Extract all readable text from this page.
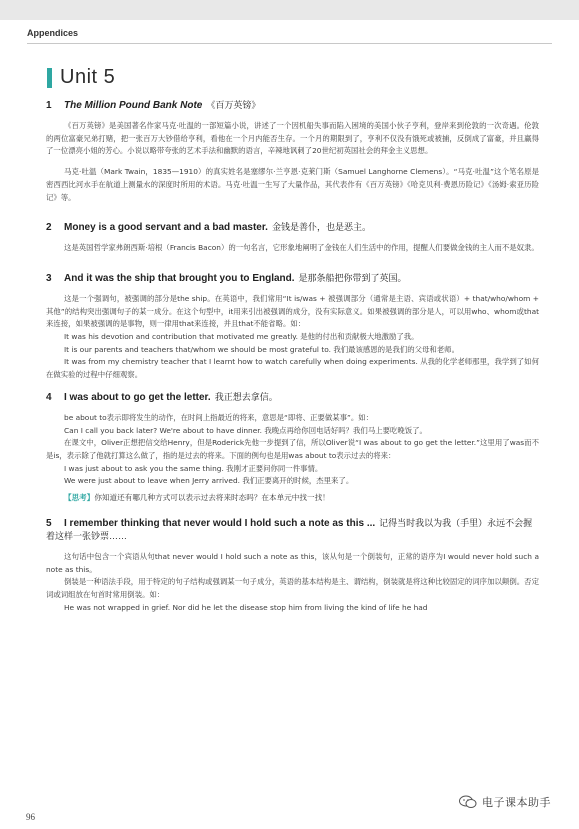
Appendices
Unit 5
1 The Million Pound Bank Note 《百万英镑》

《百万英镑》是美国著名作家马克·吐温的一部短篇小说，讲述了一个因机船失事而陷入困境的美国小伙子亨利，登岸来到伦敦的一次奇遇。伦敦的两位富豪兄弟打赌，把一张百万大钞借给亨利，看他在一个月内能否生存。一个月的期限到了，亨利不仅没有饿死或被捕，反倒成了富豪，并且赢得了一位漂亮小姐的芳心。小说以略带夸张的艺术手法和幽默的语言，辛辣地讽刺了20世纪初英国社会的拜金主义思想。

马克·吐温（Mark Twain，1835—1910）的真实姓名是塞缪尔·兰亨恩·克莱门斯（Samuel Langhorne Clemens）。“马克·吐温”这个笔名原是密西西比河水手在航道上测量水的深度时所用的术语。马克·吐温一生写了大量作品，其代表作有《百万英镑》《哈克贝利·费恩历险记》《汤姆·索亚历险记》等。

2 Money is a good servant and a bad master. 金钱是善仆，也是恶主。

这是英国哲学家弗朗西斯·培根（Francis Bacon）的一句名言，它形象地阐明了金钱在人们生活中的作用，提醒人们要做金钱的主人而不是奴隶。

3 And it was the ship that brought you to England. 是那条船把你带到了英国。

这是一个强调句，被强调的部分是the ship。在英语中，我们常用“It is/was + 被强调部分（通常是主语、宾语或状语）+ that/who/whom + 其他”的结构突出强调句子的某一成分。在这个句型中，it用来引出被强调的成分，没有实际意义。如果被强调的部分是人，可以用who、whom或that来连接，如果被强调的是事物，则一律用that来连接，并且that不能省略。如：

It was his devotion and contribution that motivated me greatly. 是他的付出和贡献极大地激励了我。

It is our parents and teachers that/whom we should be most grateful to. 我们最该感恩的是我们的父母和老师。

It was from my chemistry teacher that I learnt how to watch carefully when doing experiments. 从我的化学老师那里，我学到了如何在做实验的过程中仔细观察。

4 I was about to go get the letter. 我正想去拿信。

be about to表示即将发生的动作，在时间上指最近的将来，意思是“即将、正要做某事”。如：

Can I call you back later? We're about to have dinner. 我晚点再给你回电话好吗？我们马上要吃晚饭了。

在课文中，Oliver正想把信交给Henry，但是Roderick先他一步提到了信，所以Oliver说“I was about to go get the letter.”这里用了was而不是is，表示除了他就打算这么做了，指的是过去的将来。下面的例句也是用was about to表示过去的将来：

I was just about to ask you the same thing. 我刚才正要问你同一件事情。

We were just about to leave when Jerry arrived. 我们正要离开的时候，杰里来了。

【思考】你知道还有哪几种方式可以表示过去将来时态吗？在本单元中找一找！
5 I remember thinking that never would I hold such a note as this ... 记得当时我以为我（手里）永远不会握着这样一张钞票……

这句话中包含一个宾语从句that never would I hold such a note as this，该从句是一个倒装句，正常的语序为I would never hold such a note as this。

倒装是一种语法手段，用于特定的句子结构或强调某一句子成分，英语的基本结构是主、谓结构，倒装就是将这种比较固定的词序加以颠倒。否定词或词组放在句首时常用倒装。如：

He was not wrapped in grief. Nor did he let the disease stop him from living the kind of life he had

96
电子课本助手
